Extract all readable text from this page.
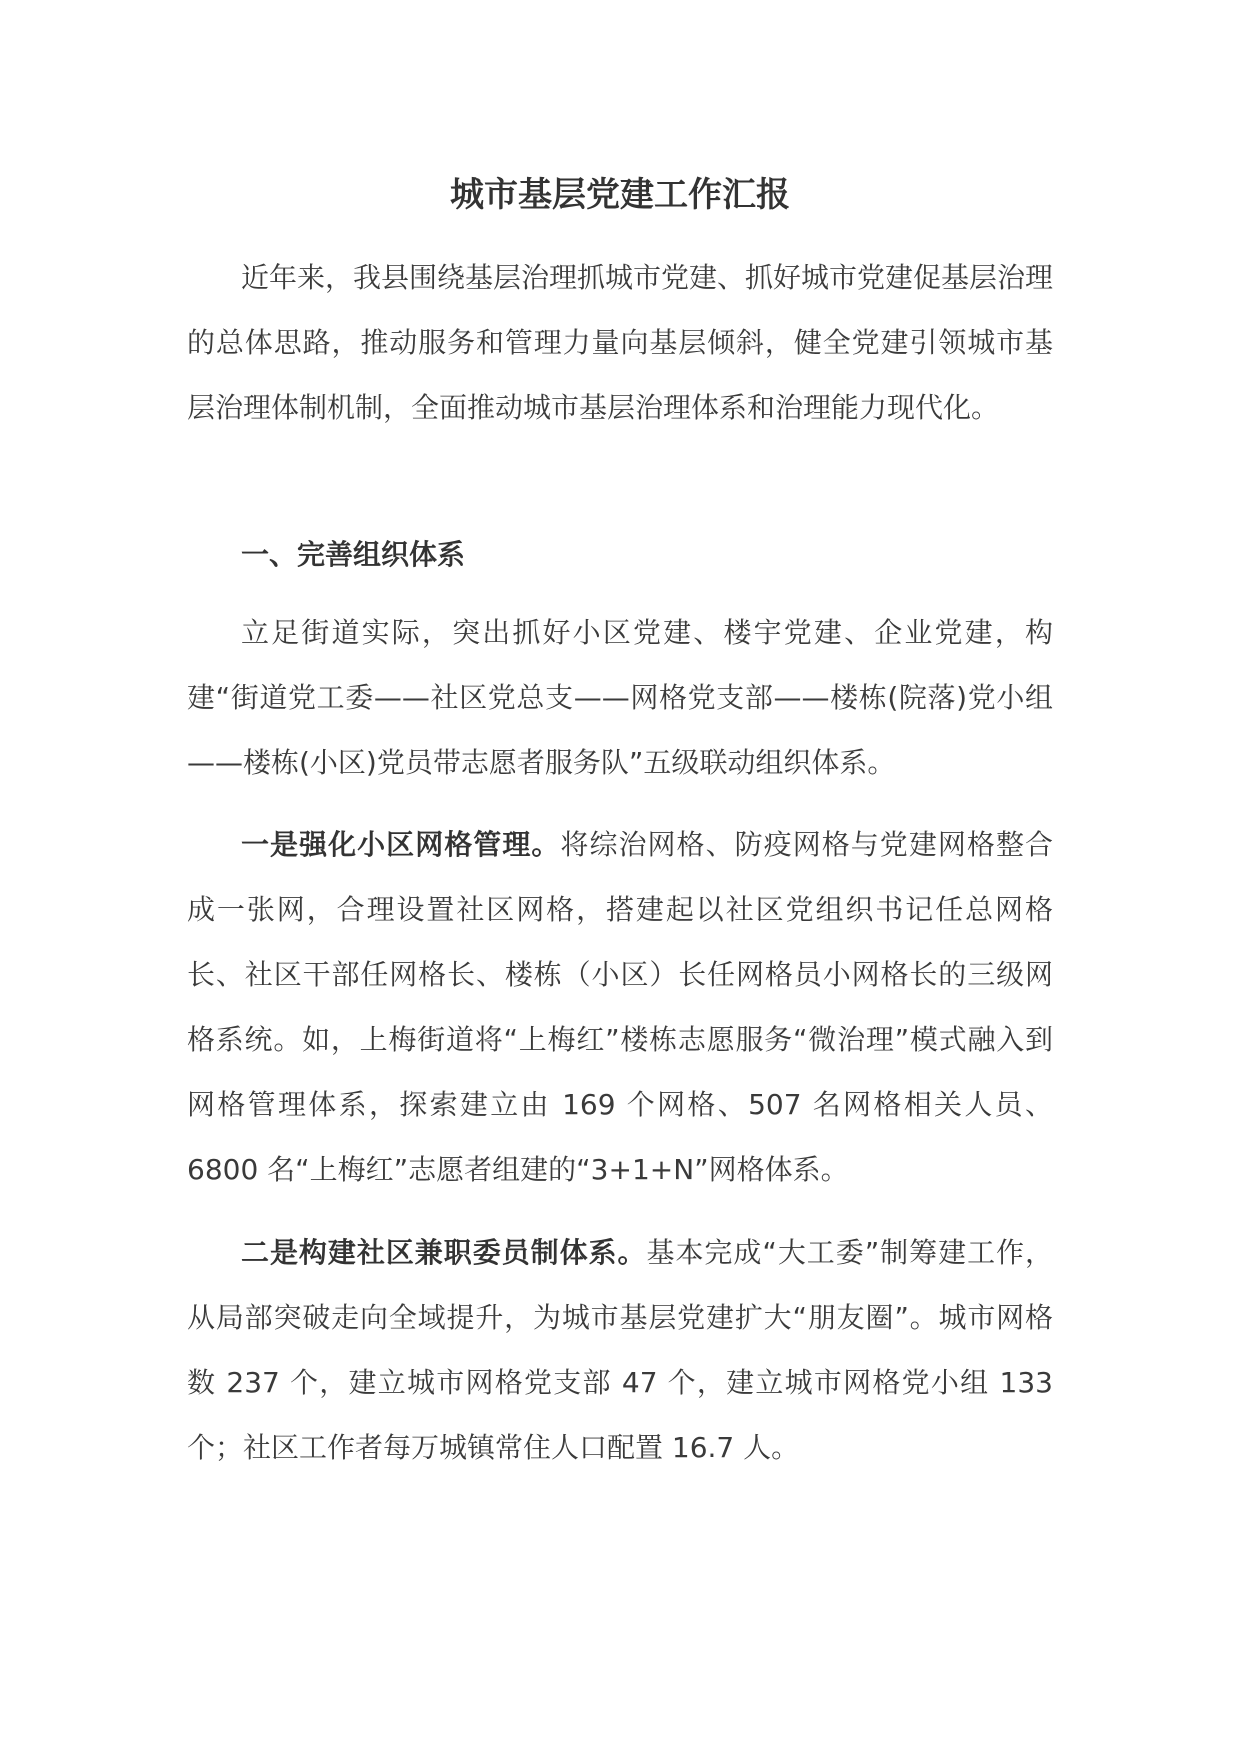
城市基层党建工作汇报

近年来，我县围绕基层治理抓城市党建、抓好城市党建促基层治理的总体思路，推动服务和管理力量向基层倾斜，健全党建引领城市基层治理体制机制，全面推动城市基层治理体系和治理能力现代化。

一、完善组织体系

立足街道实际，突出抓好小区党建、楼宇党建、企业党建，构建“街道党工委——社区党总支——网格党支部——楼栋(院落)党小组——楼栋(小区)党员带志愿者服务队”五级联动组织体系。

一是强化小区网格管理。将综治网格、防疫网格与党建网格整合成一张网，合理设置社区网格，搭建起以社区党组织书记任总网格长、社区干部任网格长、楼栋（小区）长任网格员小网格长的三级网格系统。如，上梅街道将“上梅红”楼栋志愿服务“微治理”模式融入到网格管理体系，探索建立由 169 个网格、507 名网格相关人员、6800 名“上梅红”志愿者组建的“3+1+N”网格体系。

二是构建社区兼职委员制体系。基本完成“大工委”制筹建工作，从局部突破走向全域提升，为城市基层党建扩大“朋友圈”。城市网格数 237 个，建立城市网格党支部 47 个，建立城市网格党小组 133 个；社区工作者每万城镇常住人口配置 16.7 人。
